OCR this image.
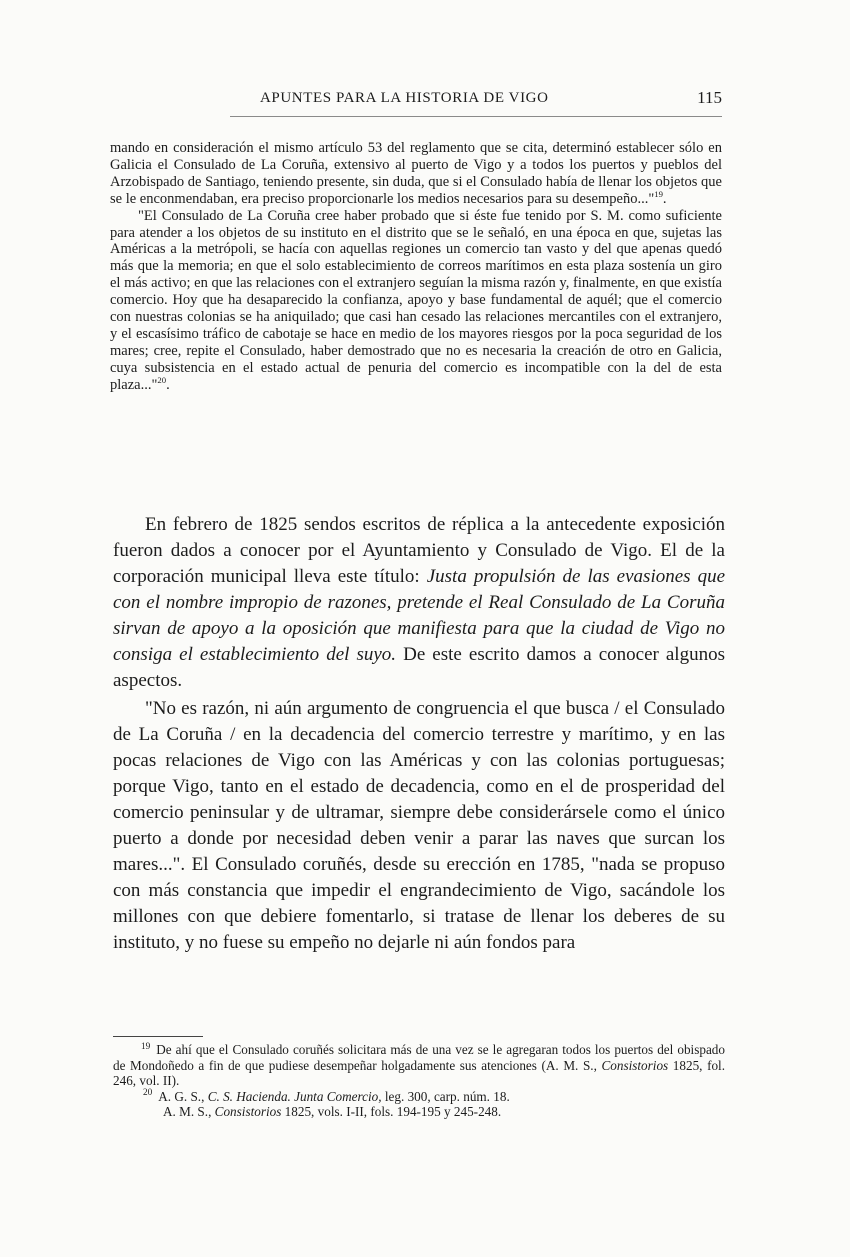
APUNTES PARA LA HISTORIA DE VIGO	115

mando en consideración el mismo artículo 53 del reglamento que se cita, determinó establecer sólo en Galicia el Consulado de La Coruña, extensivo al puerto de Vigo y a todos los puertos y pueblos del Arzobispado de Santiago, teniendo presente, sin duda, que si el Consulado había de llenar los objetos que se le enconmendaban, era preciso proporcionarle los medios necesarios para su desempeño..."$^{19}$.

"El Consulado de La Coruña cree haber probado que si éste fue tenido por S. M. como suficiente para atender a los objetos de su instituto en el distrito que se le señaló, en una época en que, sujetas las Américas a la metrópoli, se hacía con aquellas regiones un comercio tan vasto y del que apenas quedó más que la memoria; en que el solo establecimiento de correos marítimos en esta plaza sostenía un giro el más activo; en que las relaciones con el extranjero seguían la misma razón y, finalmente, en que existía comercio. Hoy que ha desaparecido la confianza, apoyo y base fundamental de aquél; que el comercio con nuestras colonias se ha aniquilado; que casi han cesado las relaciones mercantiles con el extranjero, y el escasísimo tráfico de cabotaje se hace en medio de los mayores riesgos por la poca seguridad de los mares; cree, repite el Consulado, haber demostrado que no es necesaria la creación de otro en Galicia, cuya subsistencia en el estado actual de penuria del comercio es incompatible con la del de esta plaza..."$^{20}$.

En febrero de 1825 sendos escritos de réplica a la antecedente exposición fueron dados a conocer por el Ayuntamiento y Consulado de Vigo. El de la corporación municipal lleva este título: Justa propulsión de las evasiones que con el nombre impropio de razones, pretende el Real Consulado de La Coruña sirvan de apoyo a la oposición que manifiesta para que la ciudad de Vigo no consiga el establecimiento del suyo. De este escrito damos a conocer algunos aspectos.

"No es razón, ni aún argumento de congruencia el que busca / el Consulado de La Coruña / en la decadencia del comercio terrestre y marítimo, y en las pocas relaciones de Vigo con las Américas y con las colonias portuguesas; porque Vigo, tanto en el estado de decadencia, como en el de prosperidad del comercio peninsular y de ultramar, siempre debe considerársele como el único puerto a donde por necesidad deben venir a parar las naves que surcan los mares...". El Consulado coruñés, desde su erección en 1785, "nada se propuso con más constancia que impedir el engrandecimiento de Vigo, sacándole los millones con que debiere fomentarlo, si tratase de llenar los deberes de su instituto, y no fuese su empeño no dejarle ni aún fondos para

$^{19}$ De ahí que el Consulado coruñés solicitara más de una vez se le agregaran todos los puertos del obispado de Mondoñedo a fin de que pudiese desempeñar holgadamente sus atenciones (A. M. S., Consistorios 1825, fol. 246, vol. II).

$^{20}$ A. G. S., C. S. Hacienda. Junta Comercio, leg. 300, carp. núm. 18.

A. M. S., Consistorios 1825, vols. I-II, fols. 194-195 y 245-248.
